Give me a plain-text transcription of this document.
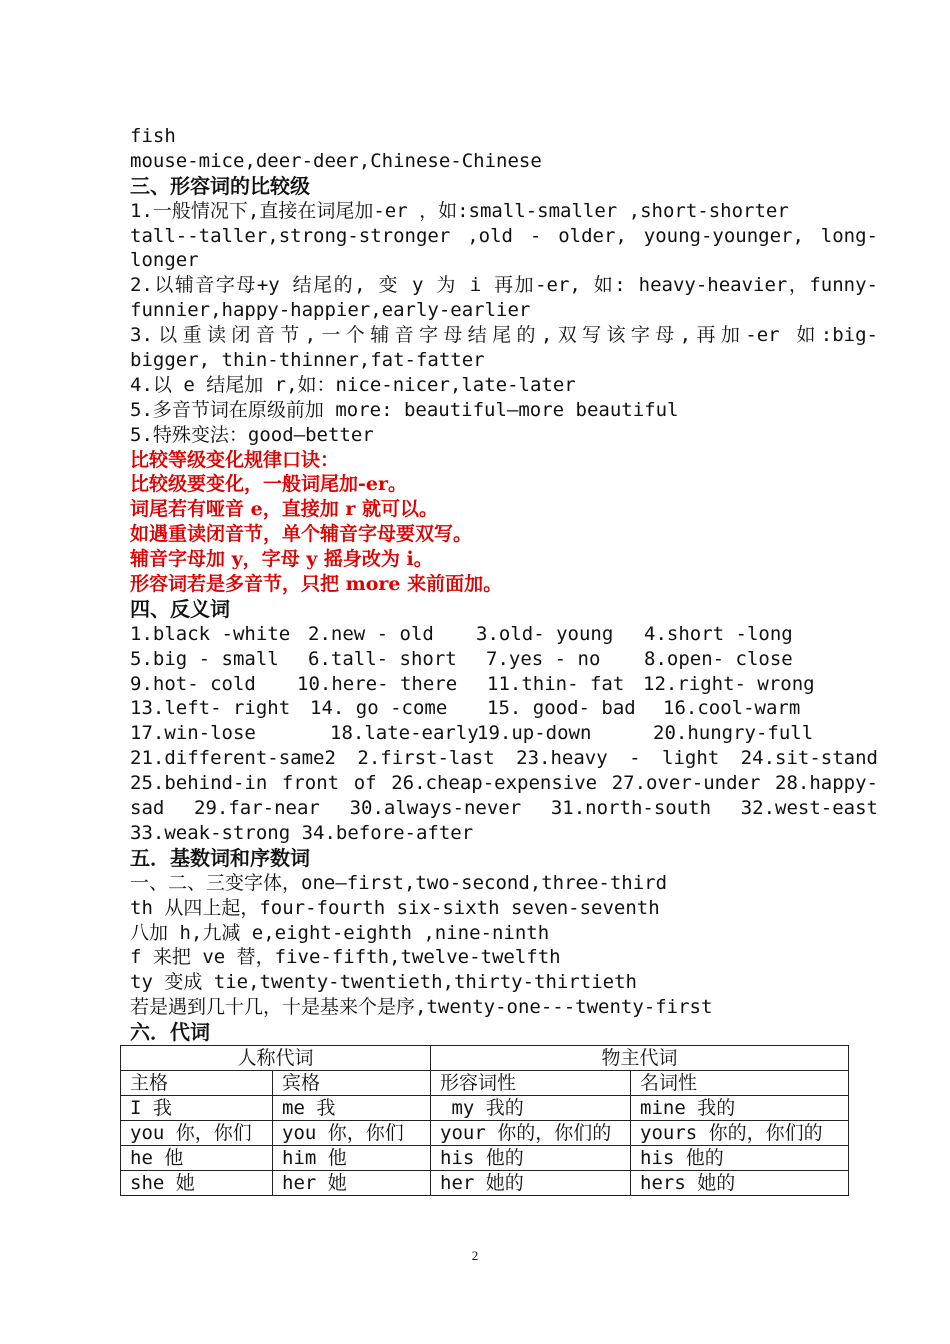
fish
mouse-mice,deer-deer,Chinese-Chinese
三、形容词的比较级
1.一般情况下,直接在词尾加-er ，如:small-smaller ,short-shorter
tall--taller,strong-stronger ,old - older, young-younger, long-
longer
2.以辅音字母+y 结尾的, 变 y 为 i 再加-er, 如: heavy-heavier，funny-
funnier,happy-happier,early-earlier
3.以重读闭音节,一个辅音字母结尾的,双写该字母,再加-er 如:big-
bigger, thin-thinner,fat-fatter
4.以 e 结尾加 r,如：nice-nicer,late-later
5.多音节词在原级前加 more: beautiful—more beautiful
5.特殊变法：good—better
比较等级变化规律口诀：
比较级要变化，一般词尾加-er。
词尾若有哑音 e，直接加 r 就可以。
如遇重读闭音节，单个辅音字母要双写。
辅音字母加 y，字母 y 摇身改为 i。
形容词若是多音节，只把 more 来前面加。
四、反义词
1.black -white 2.new - old	3.old- young	4.short -long
5.big - small	6.tall- short	7.yes - no	8.open- close
9.hot- cold	10.here- there	11.thin- fat 12.right- wrong
13.left- right	14. go -come	15. good- bad	16.cool-warm
17.win-lose	18.late-early
19.up-down	20.hungry-full
21.different-same2 2.first-last 23.heavy - light 24.sit-stand
25.behind-in front of 26.cheap-expensive 27.over-under 28.happy-
sad 29.far-near 30.always-never 31.north-south 32.west-east
33.weak-strong 34.before-after
五．基数词和序数词
一、二、三变字体，one—first,two-second,three-third
th 从四上起，four-fourth six-sixth seven-seventh
八加 h,九减 e,eight-eighth ,nine-ninth
f 来把 ve 替，five-fifth,twelve-twelfth
ty 变成 tie,twenty-twentieth,thirty-thirtieth
若是遇到几十几，十是基来个是序,twenty-one---twenty-first
六．代词
人称代词		物主代词	
主格	宾格	形容词性	名词性
I 我	me 我	my 我的	mine 我的
you 你，你们	you 你，你们	your 你的，你们的	yours 你的，你们的
he 他	him 他	his 他的	his 他的
she 她	her 她	her 她的	hers 她的
2
